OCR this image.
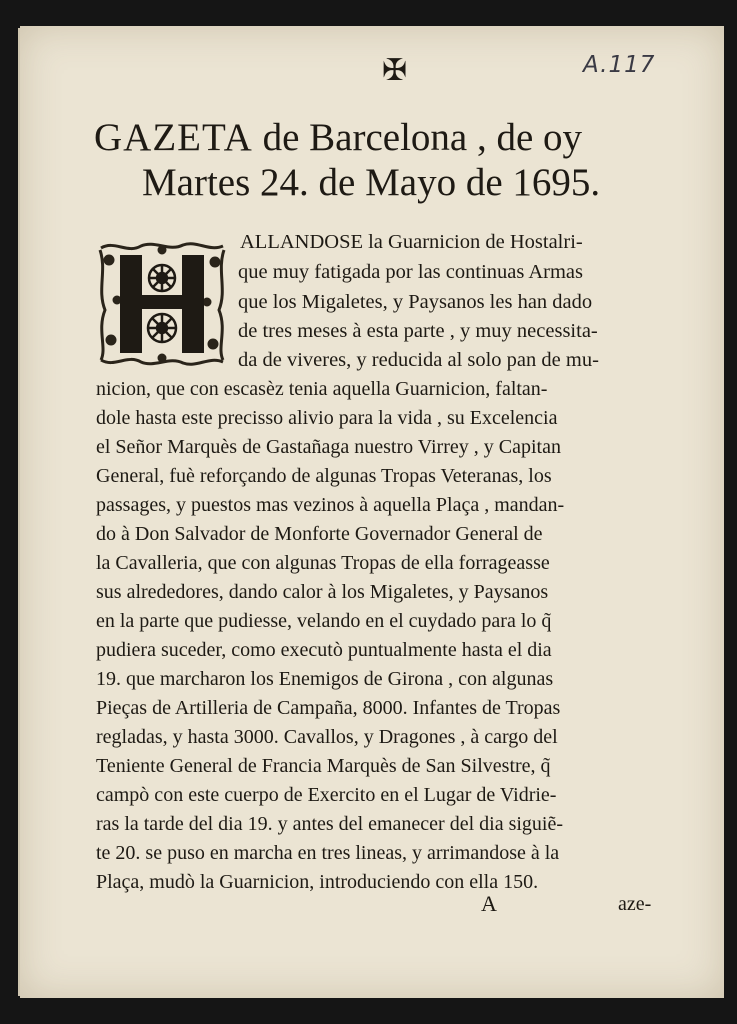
✠	A.117
GAZETA de Barcelona , de oy
Martes 24. de Mayo de 1695.
ALLANDOSE la Guarnicion de Hostalri-
que muy fatigada por las continuas Armas
que los Migaletes, y Paysanos les han dado
de tres meses à esta parte , y muy necessita-
da de viveres, y reducida al solo pan de mu-
nicion, que con escasèz tenia aquella Guarnicion, faltan-
dole hasta este precisso alivio para la vida , su Excelencia
el Señor Marquès de Gastañaga nuestro Virrey , y Capitan
General, fuè reforçando de algunas Tropas Veteranas, los
passages, y puestos mas vezinos à aquella Plaça , mandan-
do à Don Salvador de Monforte Governador General de
la Cavalleria, que con algunas Tropas de ella forrageasse
sus alrededores, dando calor à los Migaletes, y Paysanos
en la parte que pudiesse, velando en el cuydado para lo q̃
pudiera suceder, como executò puntualmente hasta el dia
19. que marcharon los Enemigos de Girona , con algunas
Pieças de Artilleria de Campaña, 8000. Infantes de Tropas
regladas, y hasta 3000. Cavallos, y Dragones , à cargo del
Teniente General de Francia Marquès de San Silvestre, q̃
campò con este cuerpo de Exercito en el Lugar de Vidrie-
ras la tarde del dia 19. y antes del emanecer del dia siguiẽ-
te 20. se puso en marcha en tres lineas, y arrimandose à la
Plaça, mudò la Guarnicion, introduciendo con ella 150.
A	aze-
